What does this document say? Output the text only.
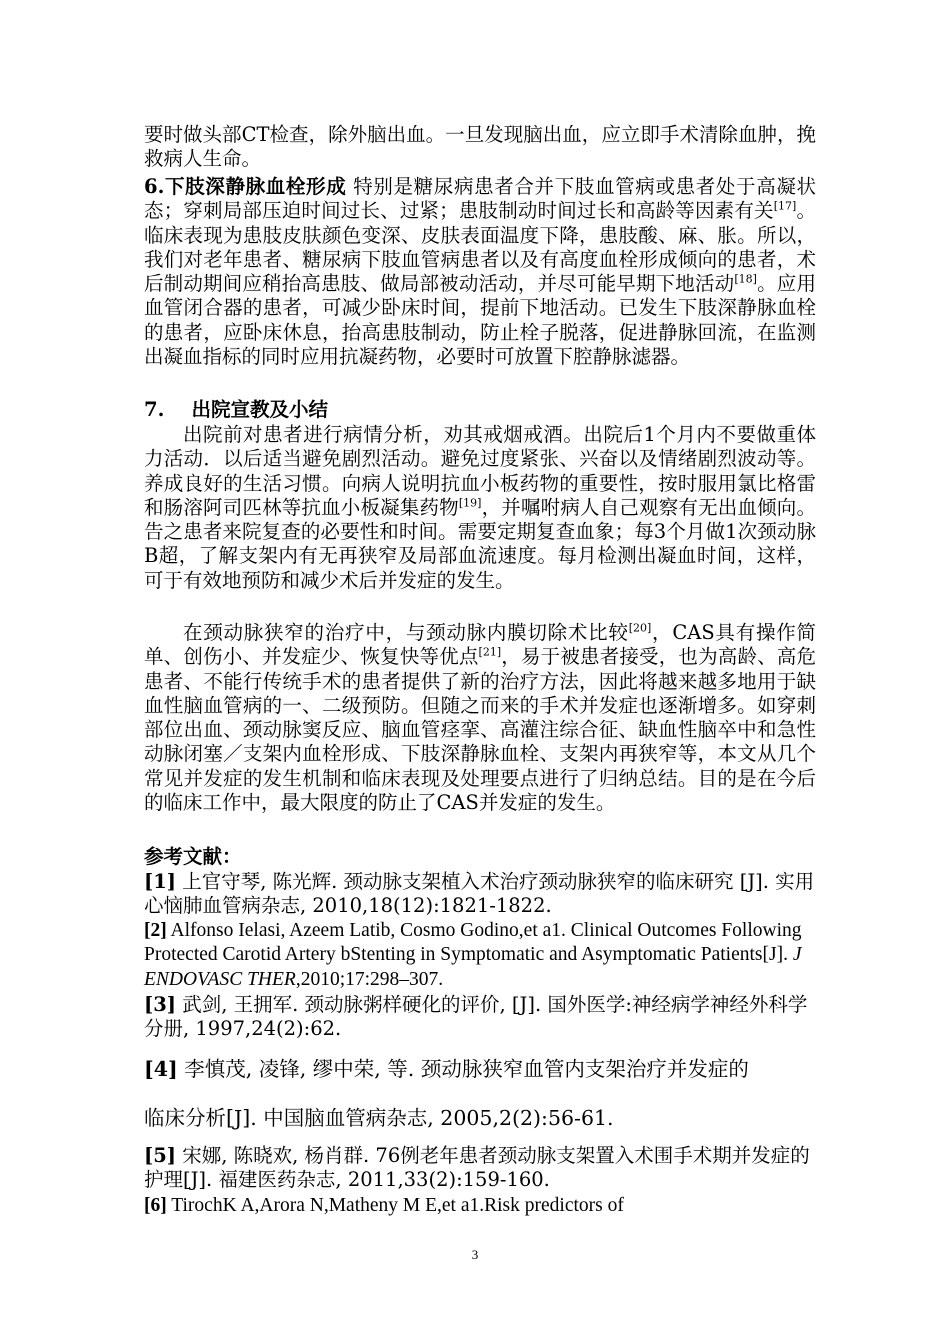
要时做头部CT检查，除外脑出血。一旦发现脑出血，应立即手术清除血肿，挽救病人生命。

6.下肢深静脉血栓形成 特别是糖尿病患者合并下肢血管病或患者处于高凝状态；穿刺局部压迫时间过长、过紧；患肢制动时间过长和高龄等因素有关[17]。临床表现为患肢皮肤颜色变深、皮肤表面温度下降，患肢酸、麻、胀。所以，我们对老年患者、糖尿病下肢血管病患者以及有高度血栓形成倾向的患者，术后制动期间应稍抬高患肢、做局部被动活动，并尽可能早期下地活动[18]。应用血管闭合器的患者，可减少卧床时间，提前下地活动。已发生下肢深静脉血栓的患者，应卧床休息，抬高患肢制动，防止栓子脱落，促进静脉回流，在监测出凝血指标的同时应用抗凝药物，必要时可放置下腔静脉滤器。

7.    出院宣教及小结

出院前对患者进行病情分析，劝其戒烟戒酒。出院后1个月内不要做重体力活动．以后适当避免剧烈活动。避免过度紧张、兴奋以及情绪剧烈波动等。养成良好的生活习惯。向病人说明抗血小板药物的重要性，按时服用氯比格雷和肠溶阿司匹林等抗血小板凝集药物[19]，并嘱咐病人自己观察有无出血倾向。告之患者来院复查的必要性和时间。需要定期复查血象；每3个月做1次颈动脉B超，了解支架内有无再狭窄及局部血流速度。每月检测出凝血时间，这样，可于有效地预防和减少术后并发症的发生。

在颈动脉狭窄的治疗中，与颈动脉内膜切除术比较[20]，CAS具有操作简单、创伤小、并发症少、恢复快等优点[21]，易于被患者接受，也为高龄、高危患者、不能行传统手术的患者提供了新的治疗方法，因此将越来越多地用于缺血性脑血管病的一、二级预防。但随之而来的手术并发症也逐渐增多。如穿刺部位出血、颈动脉窦反应、脑血管痉挛、高灌注综合征、缺血性脑卒中和急性动脉闭塞／支架内血栓形成、下肢深静脉血栓、支架内再狭窄等，本文从几个常见并发症的发生机制和临床表现及处理要点进行了归纳总结。目的是在今后的临床工作中，最大限度的防止了CAS并发症的发生。

参考文献：

[1] 上官守琴, 陈光辉. 颈动脉支架植入术治疗颈动脉狭窄的临床研究 [J]. 实用心恼肺血管病杂志, 2010,18(12):1821-1822.

[2] Alfonso Ielasi, Azeem Latib, Cosmo Godino,et a1. Clinical Outcomes Following Protected Carotid Artery bStenting in Symptomatic and Asymptomatic Patients[J]. J ENDOVASC THER,2010;17:298–307.

[3] 武剑, 王拥军. 颈动脉粥样硬化的评价, [J]. 国外医学:神经病学神经外科学分册, 1997,24(2):62.

[4] 李慎茂, 凌锋, 缪中荣, 等. 颈动脉狭窄血管内支架治疗并发症的

临床分析[J]. 中国脑血管病杂志, 2005,2(2):56-61.

[5] 宋娜, 陈晓欢, 杨肖群. 76例老年患者颈动脉支架置入术围手术期并发症的护理[J]. 福建医药杂志, 2011,33(2):159-160.

[6] TirochK A,Arora N,Matheny M E,et a1.Risk predictors of

3
